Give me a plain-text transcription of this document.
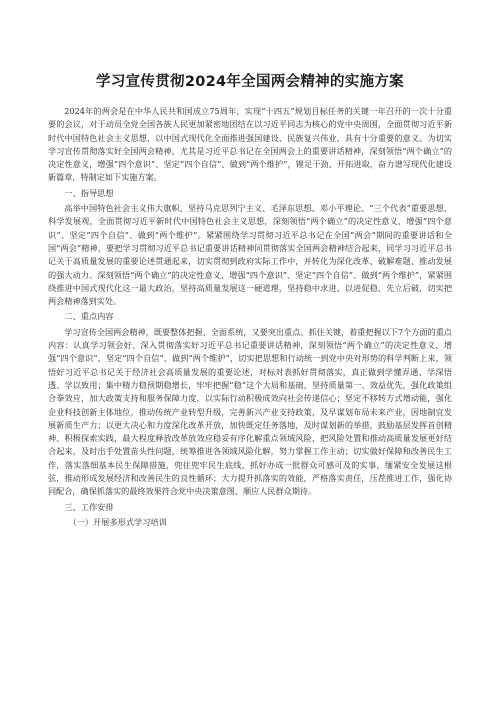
学习宣传贯彻2024年全国两会精神的实施方案

2024年的两会是在中华人民共和国成立75周年，实现“十四五”规划目标任务的关键一年召开的一次十分重要的会议，对于动员全党全国各族人民更加紧密地团结在以习近平同志为核心的党中央周围，全面贯彻习近平新时代中国特色社会主义思想，以中国式现代化全面推进强国建设、民族复兴伟业，具有十分重要的意义。为切实学习宣传贯彻落实好全国两会精神，尤其是习近平总书记在全国两会上的重要讲话精神，深刻领悟“两个确立”的决定性意义，增强“四个意识”、坚定“四个自信”、做到“两个维护”，锂足干劲、开拓进取，奋力谱写现代化建设新篇章，特制定如下实施方案。

一、指导思想

高举中国特色社会主义伟大旗帜，坚持马克思列宁主义、毛泽东思想、邓小平理论、“三个代表”重要思想、科学发展观，全面贯彻习近平新时代中国特色社会主义思想，深刻领悟“两个确立”的决定性意义，增强“四个意识”、坚定“四个自信”、做到“两个维护”。紧紧围绕学习贯彻习近平总书记在全国“两会”期间的重要讲话和全国“两会”精神，要把学习贯彻习近平总书记重要讲话精神同贯彻落实全国两会精神结合起来，同学习习近平总书记关于高质量发展的重要论述贯通起来，切实贯彻到政府实际工作中，并转化为深化改革、破解难题、推动发展的强大动力。深刻领悟“两个确立”的决定性意义，增强“四个意识”、坚定“四个自信”、做到“两个维护”，紧紧围绕推进中国式现代化这一最大政治，坚持高质量发展这一硬道理，坚持稳中求进、以进促稳、先立后破，切实把两会精神落到实处。

二、重点内容

学习宣传全国两会精神，既要整体把握、全面系统，又要突出重点、抓住关键，着重把握以下7个方面的重点内容：认真学习领会好、深入贯彻落实好习近平总书记重要讲话精神，深刻领悟“两个确立”的决定性意义，增强“四个意识”、坚定“四个自信”、做到“两个维护”，切实把思想和行动统一到党中央对形势的科学判断上来，领悟好习近平总书记关于经济社会高质量发展的重要论述，对标对表抓好贯彻落实，真正做到学懂弄通、学深悟透、学以致用；集中精力稳预期稳增长，牢牢把握“稳”这个大局和基础，坚持质量第一、效益优先，强化政策组合拳效应，加大政策支持和服务保障力度，以实际行动积极成效向社会传递信心；坚定不移转方式增动能，强化企业科技创新主体地位，推动传统产业转型升级，完善新兴产业支持政策，及早谋划布局未来产业，因地制宜发展新质生产力；以更大决心和力度深化改革开放，加快既定任务落地，及时谋划新的举措，鼓励基层发挥首创精神、积极探索实践，最大程度释放改革放效应稳妥有序化解重点领域风险，把风险处置和推动高质量发展更好结合起来，及时出手处置苗头性问题，统筹推进各领域风险化解，努力掌握工作主动；切实做好保障和改善民生工作，落实落细基本民生保障措施，兜住兜牢民生底线，抓好办成一批群众可感可及的实事，缅紧安全发展这根弦，推动形成发展经济和改善民生的良性循环；大力提升抓落实的效能，严格落实责任，压茬推进工作，强化协同配合，确保抓落实的最终效果符合党中央决策意图、顺应人民群众期待。

三、工作安排
（一）开展多形式学习培训
